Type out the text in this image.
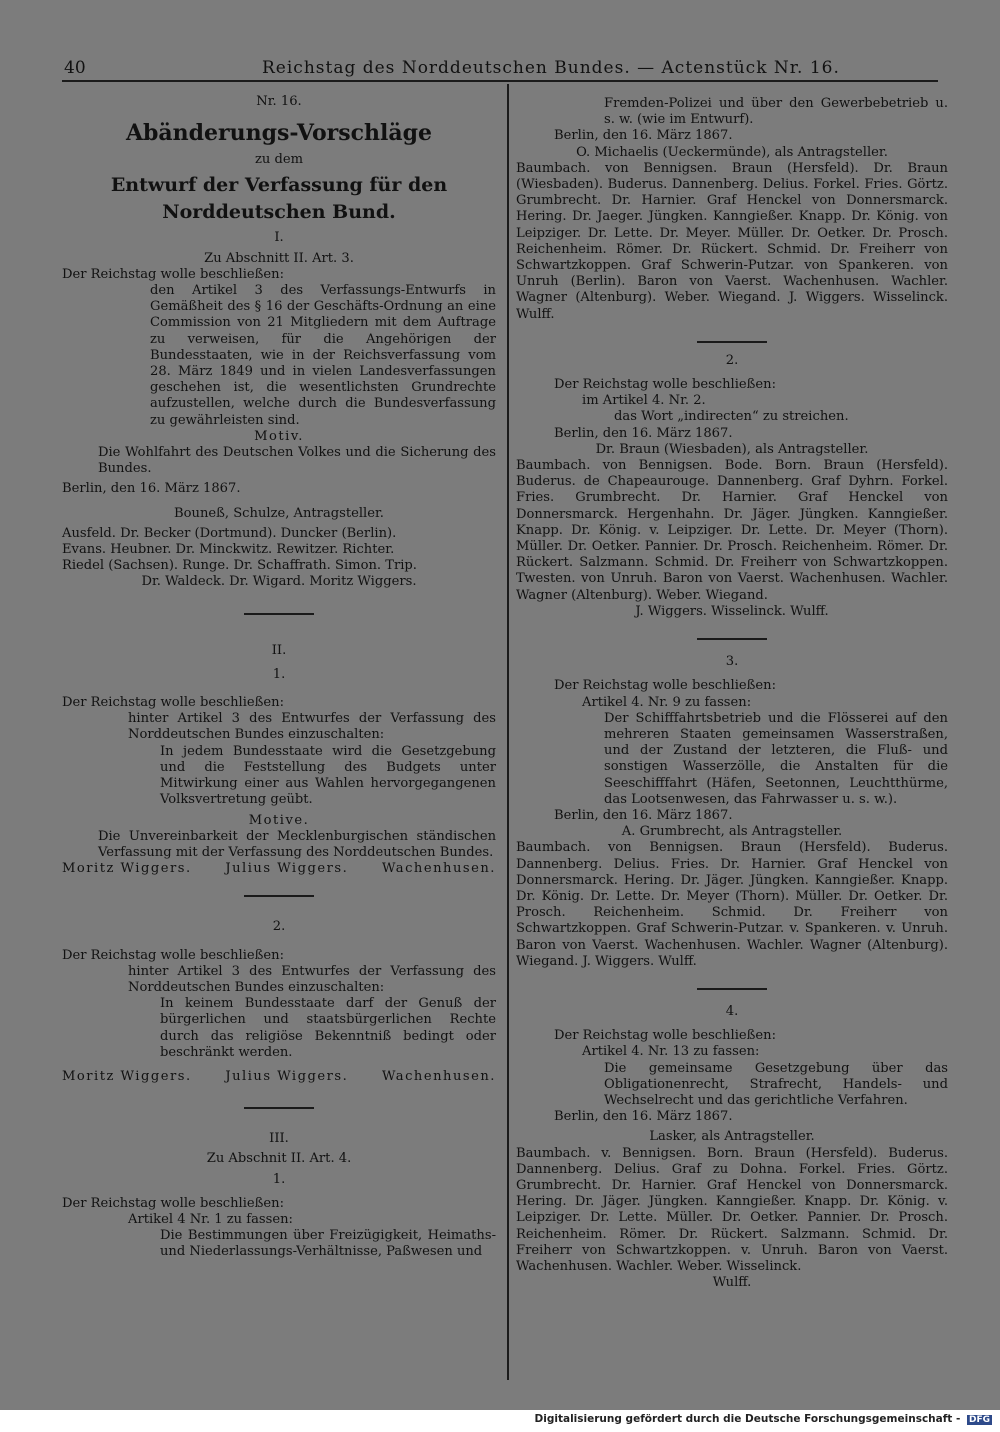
40	Reichstag des Norddeutschen Bundes. — Actenstück Nr. 16.
Nr. 16.
Abänderungs-Vorschläge
zu dem
Entwurf der Verfassung für den Norddeutschen Bund.
I.
Zu Abschnitt II. Art. 3.
Der Reichstag wolle beschließen:
den Artikel 3 des Verfassungs-Entwurfs in Gemäßheit des § 16 der Geschäfts-Ordnung an eine Commission von 21 Mitgliedern mit dem Auftrage zu verweisen, für die Angehörigen der Bundesstaaten, wie in der Reichsverfassung vom 28. März 1849 und in vielen Landesverfassungen geschehen ist, die wesentlichsten Grundrechte aufzustellen, welche durch die Bundesverfassung zu gewährleisten sind.
Motiv.
Die Wohlfahrt des Deutschen Volkes und die Sicherung des Bundes.
Berlin, den 16. März 1867.
Bouneß, Schulze, Antragsteller.
Ausfeld. Dr. Becker (Dortmund). Duncker (Berlin).
Evans. Heubner. Dr. Minckwitz. Rewitzer. Richter.
Riedel (Sachsen). Runge. Dr. Schaffrath. Simon. Trip.
Dr. Waldeck. Dr. Wigard. Moritz Wiggers.
II.
1.
Der Reichstag wolle beschließen:
hinter Artikel 3 des Entwurfes der Verfassung des Norddeutschen Bundes einzuschalten:
In jedem Bundesstaate wird die Gesetzgebung und die Feststellung des Budgets unter Mitwirkung einer aus Wahlen hervorgegangenen Volksvertretung geübt.
Motive.
Die Unvereinbarkeit der Mecklenburgischen ständischen Verfassung mit der Verfassung des Norddeutschen Bundes.
Moritz Wiggers.	Julius Wiggers.	Wachenhusen.
2.
Der Reichstag wolle beschließen:
hinter Artikel 3 des Entwurfes der Verfassung des Norddeutschen Bundes einzuschalten:
In keinem Bundesstaate darf der Genuß der bürgerlichen und staatsbürgerlichen Rechte durch das religiöse Bekenntniß bedingt oder beschränkt werden.
Moritz Wiggers.	Julius Wiggers.	Wachenhusen.
III.
Zu Abschnit II. Art. 4.
1.
Der Reichstag wolle beschließen:
Artikel 4 Nr. 1 zu fassen:
Die Bestimmungen über Freizügigkeit, Heimaths- und Niederlassungs-Verhältnisse, Paßwesen und
Fremden-Polizei und über den Gewerbebetrieb u. s. w. (wie im Entwurf).
Berlin, den 16. März 1867.
O. Michaelis (Ueckermünde), als Antragsteller.
Baumbach. von Bennigsen. Braun (Hersfeld). Dr. Braun (Wiesbaden). Buderus. Dannenberg. Delius. Forkel. Fries. Görtz. Grumbrecht. Dr. Harnier. Graf Henckel von Donnersmarck. Hering. Dr. Jaeger. Jüngken. Kanngießer. Knapp. Dr. König. von Leipziger. Dr. Lette. Dr. Meyer. Müller. Dr. Oetker. Dr. Prosch. Reichenheim. Römer. Dr. Rückert. Schmid. Dr. Freiherr von Schwartzkoppen. Graf Schwerin-Putzar. von Spankeren. von Unruh (Berlin). Baron von Vaerst. Wachenhusen. Wachler. Wagner (Altenburg). Weber. Wiegand. J. Wiggers. Wisselinck. Wulff.
2.
Der Reichstag wolle beschließen:
im Artikel 4. Nr. 2.
das Wort „indirecten“ zu streichen.
Berlin, den 16. März 1867.
Dr. Braun (Wiesbaden), als Antragsteller.
Baumbach. von Bennigsen. Bode. Born. Braun (Hersfeld). Buderus. de Chapeaurouge. Dannenberg. Graf Dyhrn. Forkel. Fries. Grumbrecht. Dr. Harnier. Graf Henckel von Donnersmarck. Hergenhahn. Dr. Jäger. Jüngken. Kanngießer. Knapp. Dr. König. v. Leipziger. Dr. Lette. Dr. Meyer (Thorn). Müller. Dr. Oetker. Pannier. Dr. Prosch. Reichenheim. Römer. Dr. Rückert. Salzmann. Schmid. Dr. Freiherr von Schwartzkoppen. Twesten. von Unruh. Baron von Vaerst. Wachenhusen. Wachler. Wagner (Altenburg). Weber. Wiegand.
J. Wiggers. Wisselinck. Wulff.
3.
Der Reichstag wolle beschließen:
Artikel 4. Nr. 9 zu fassen:
Der Schifffahrtsbetrieb und die Flösserei auf den mehreren Staaten gemeinsamen Wasserstraßen, und der Zustand der letzteren, die Fluß- und sonstigen Wasserzölle, die Anstalten für die Seeschifffahrt (Häfen, Seetonnen, Leuchtthürme, das Lootsenwesen, das Fahrwasser u. s. w.).
Berlin, den 16. März 1867.
A. Grumbrecht, als Antragsteller.
Baumbach. von Bennigsen. Braun (Hersfeld). Buderus. Dannenberg. Delius. Fries. Dr. Harnier. Graf Henckel von Donnersmarck. Hering. Dr. Jäger. Jüngken. Kanngießer. Knapp. Dr. König. Dr. Lette. Dr. Meyer (Thorn). Müller. Dr. Oetker. Dr. Prosch. Reichenheim. Schmid. Dr. Freiherr von Schwartzkoppen. Graf Schwerin-Putzar. v. Spankeren. v. Unruh. Baron von Vaerst. Wachenhusen. Wachler. Wagner (Altenburg). Wiegand. J. Wiggers. Wulff.
4.
Der Reichstag wolle beschließen:
Artikel 4. Nr. 13 zu fassen:
Die gemeinsame Gesetzgebung über das Obligationenrecht, Strafrecht, Handels- und Wechselrecht und das gerichtliche Verfahren.
Berlin, den 16. März 1867.
Lasker, als Antragsteller.
Baumbach. v. Bennigsen. Born. Braun (Hersfeld). Buderus. Dannenberg. Delius. Graf zu Dohna. Forkel. Fries. Görtz. Grumbrecht. Dr. Harnier. Graf Henckel von Donnersmarck. Hering. Dr. Jäger. Jüngken. Kanngießer. Knapp. Dr. König. v. Leipziger. Dr. Lette. Müller. Dr. Oetker. Pannier. Dr. Prosch. Reichenheim. Römer. Dr. Rückert. Salzmann. Schmid. Dr. Freiherr von Schwartzkoppen. v. Unruh. Baron von Vaerst. Wachenhusen. Wachler. Weber. Wisselinck.
Wulff.
Digitalisierung gefördert durch die Deutsche Forschungsgemeinschaft - DFG
